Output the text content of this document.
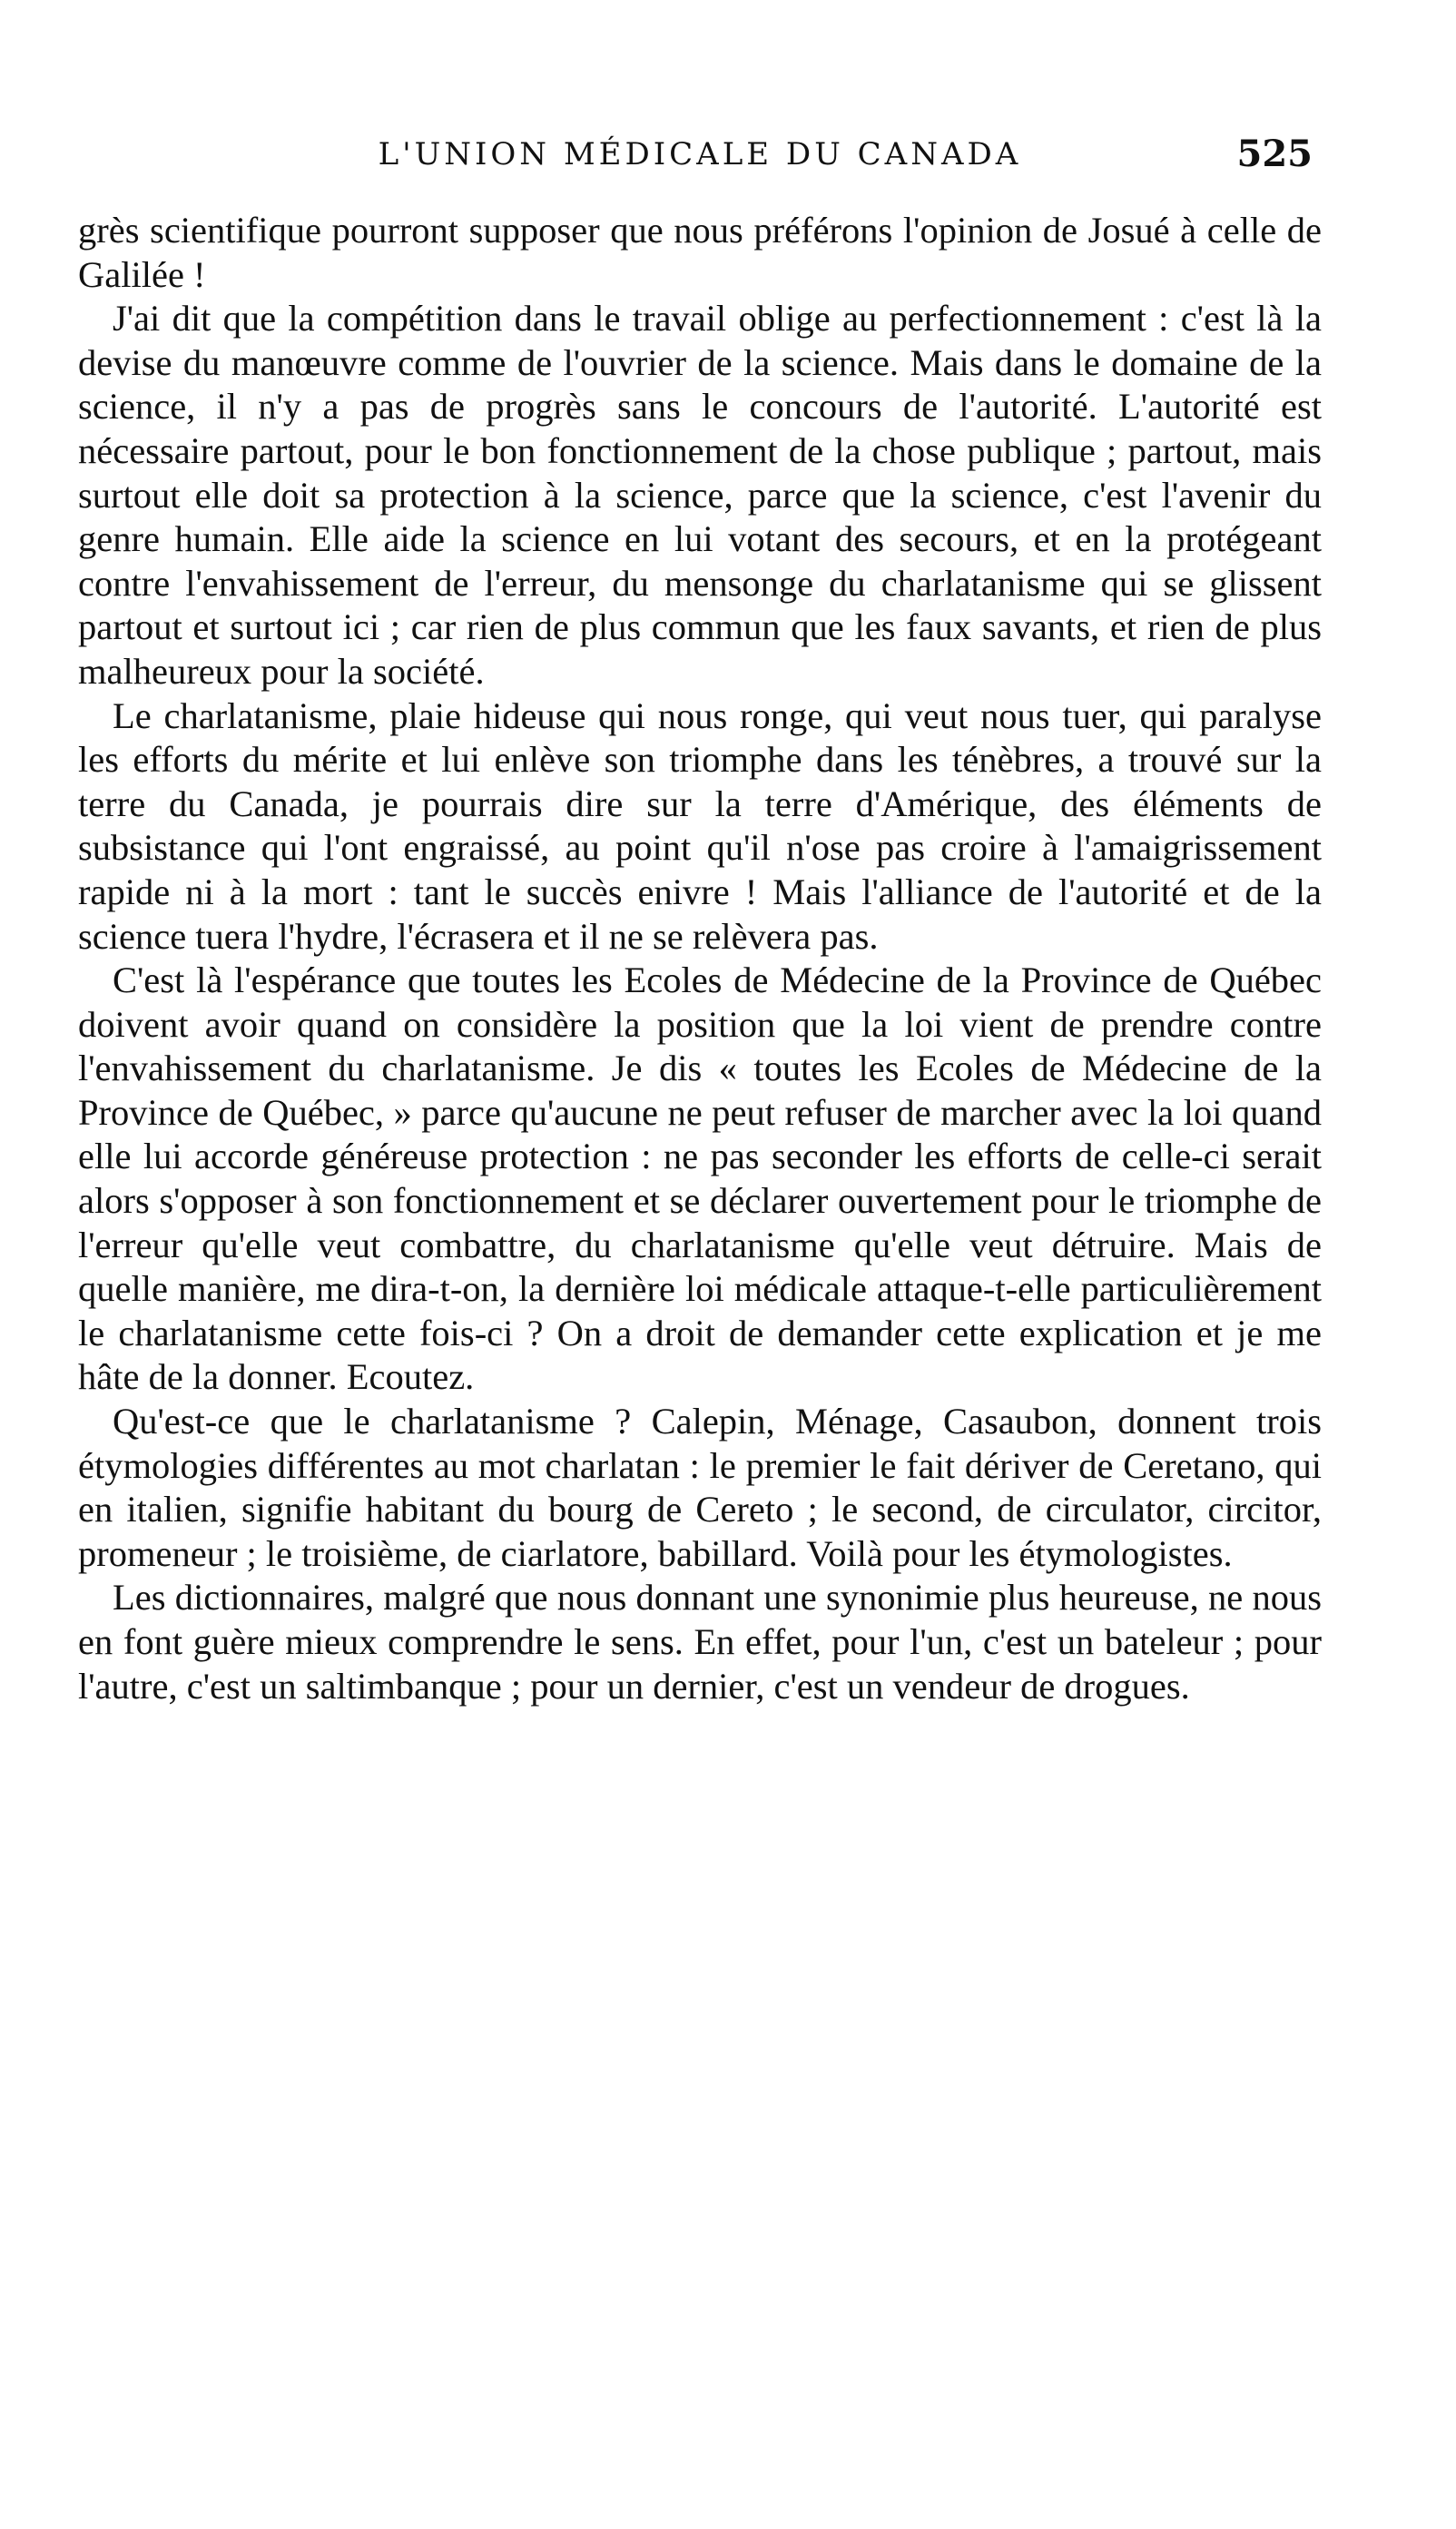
L'UNION MÉDICALE DU CANADA	525

grès scientifique pourront supposer que nous préférons l'opinion de Josué à celle de Galilée !

J'ai dit que la compétition dans le travail oblige au perfectionnement : c'est là la devise du manœuvre comme de l'ouvrier de la science. Mais dans le domaine de la science, il n'y a pas de progrès sans le concours de l'autorité. L'autorité est nécessaire partout, pour le bon fonctionnement de la chose publique ; partout, mais surtout elle doit sa protection à la science, parce que la science, c'est l'avenir du genre humain. Elle aide la science en lui votant des secours, et en la protégeant contre l'envahissement de l'erreur, du mensonge du charlatanisme qui se glissent partout et surtout ici ; car rien de plus commun que les faux savants, et rien de plus malheureux pour la société.

Le charlatanisme, plaie hideuse qui nous ronge, qui veut nous tuer, qui paralyse les efforts du mérite et lui enlève son triomphe dans les ténèbres, a trouvé sur la terre du Canada, je pourrais dire sur la terre d'Amérique, des éléments de subsistance qui l'ont engraissé, au point qu'il n'ose pas croire à l'amaigrissement rapide ni à la mort : tant le succès enivre ! Mais l'alliance de l'autorité et de la science tuera l'hydre, l'écrasera et il ne se relèvera pas.

C'est là l'espérance que toutes les Ecoles de Médecine de la Province de Québec doivent avoir quand on considère la position que la loi vient de prendre contre l'envahissement du charlatanisme. Je dis « toutes les Ecoles de Médecine de la Province de Québec, » parce qu'aucune ne peut refuser de marcher avec la loi quand elle lui accorde généreuse protection : ne pas seconder les efforts de celle-ci serait alors s'opposer à son fonctionnement et se déclarer ouvertement pour le triomphe de l'erreur qu'elle veut combattre, du charlatanisme qu'elle veut détruire. Mais de quelle manière, me dira-t-on, la dernière loi médicale attaque-t-elle particulièrement le charlatanisme cette fois-ci ? On a droit de demander cette explication et je me hâte de la donner. Ecoutez.

Qu'est-ce que le charlatanisme ? Calepin, Ménage, Casaubon, donnent trois étymologies différentes au mot charlatan : le premier le fait dériver de Ceretano, qui en italien, signifie habitant du bourg de Cereto ; le second, de circulator, circitor, promeneur ; le troisième, de ciarlatore, babillard. Voilà pour les étymologistes.

Les dictionnaires, malgré que nous donnant une synonimie plus heureuse, ne nous en font guère mieux comprendre le sens. En effet, pour l'un, c'est un bateleur ; pour l'autre, c'est un saltimbanque ; pour un dernier, c'est un vendeur de drogues.
